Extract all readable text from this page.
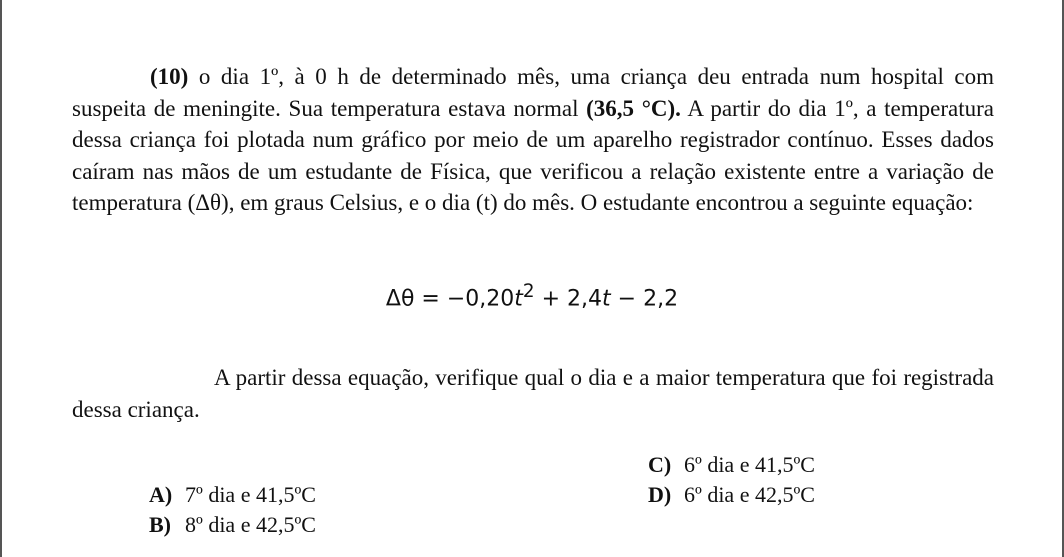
(10) o dia 1º, à 0 h de determinado mês, uma criança deu entrada num hospital com suspeita de meningite. Sua temperatura estava normal (36,5 °C). A partir do dia 1º, a temperatura dessa criança foi plotada num gráfico por meio de um aparelho registrador contínuo. Esses dados caíram nas mãos de um estudante de Física, que verificou a relação existente entre a variação de temperatura (Δθ), em graus Celsius, e o dia (t) do mês. O estudante encontrou a seguinte equação:

$\Delta\theta = -0,20t^2 + 2,4t - 2,2$

A partir dessa equação, verifique qual o dia e a maior temperatura que foi registrada dessa criança.

C) 6º dia e 41,5ºC
D) 6º dia e 42,5ºC
A) 7º dia e 41,5ºC
B) 8º dia e 42,5ºC
